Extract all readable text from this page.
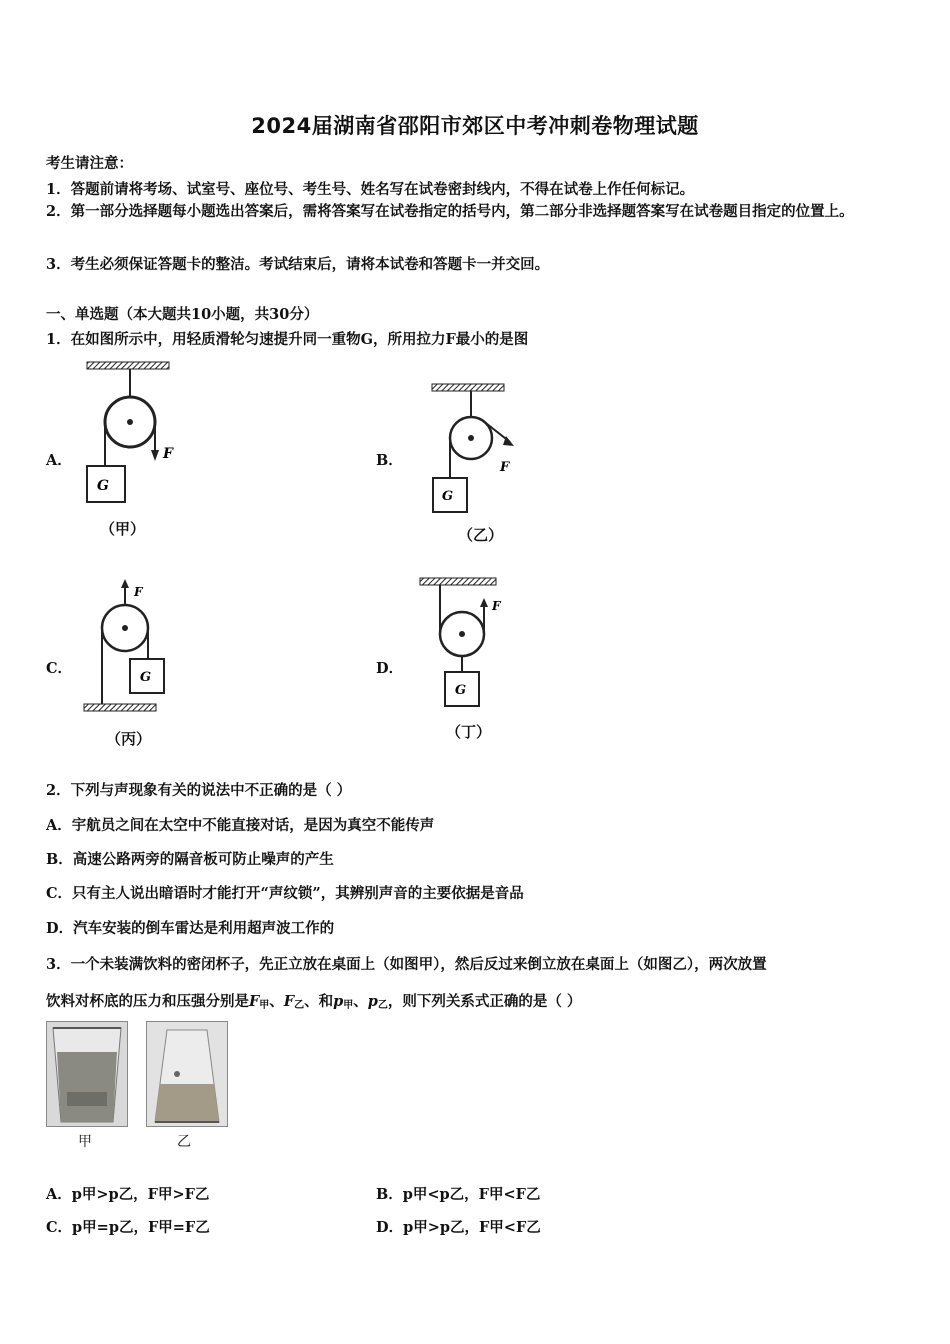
2024届湖南省邵阳市郊区中考冲刺卷物理试题
考生请注意：
1．答题前请将考场、试室号、座位号、考生号、姓名写在试卷密封线内，不得在试卷上作任何标记。
2．第一部分选择题每小题选出答案后，需将答案写在试卷指定的括号内，第二部分非选择题答案写在试卷题目指定的位置上。
3．考生必须保证答题卡的整洁。考试结束后，请将本试卷和答题卡一并交回。
一、单选题（本大题共10小题，共30分）
1．在如图所示中，用轻质滑轮匀速提升同一重物G，所用拉力F最小的是图
A．	B．
C．	D．
F
G
（甲）
F
G
（乙）
F
G
（丙）
F
G
（丁）
2．下列与声现象有关的说法中不正确的是（ ）
A．宇航员之间在太空中不能直接对话，是因为真空不能传声
B．高速公路两旁的隔音板可防止噪声的产生
C．只有主人说出暗语时才能打开“声纹锁”，其辨别声音的主要依据是音品
D．汽车安装的倒车雷达是利用超声波工作的
3．一个未装满饮料的密闭杯子，先正立放在桌面上（如图甲），然后反过来倒立放在桌面上（如图乙），两次放置
饮料对杯底的压力和压强分别是$F_甲$、$F_乙$、和$p_甲$、$p_乙$，则下列关系式正确的是（ ）
甲	乙
A．p甲>p乙，F甲>F乙	B．p甲<p乙，F甲<F乙
C．p甲=p乙，F甲=F乙	D．p甲>p乙，F甲<F乙
